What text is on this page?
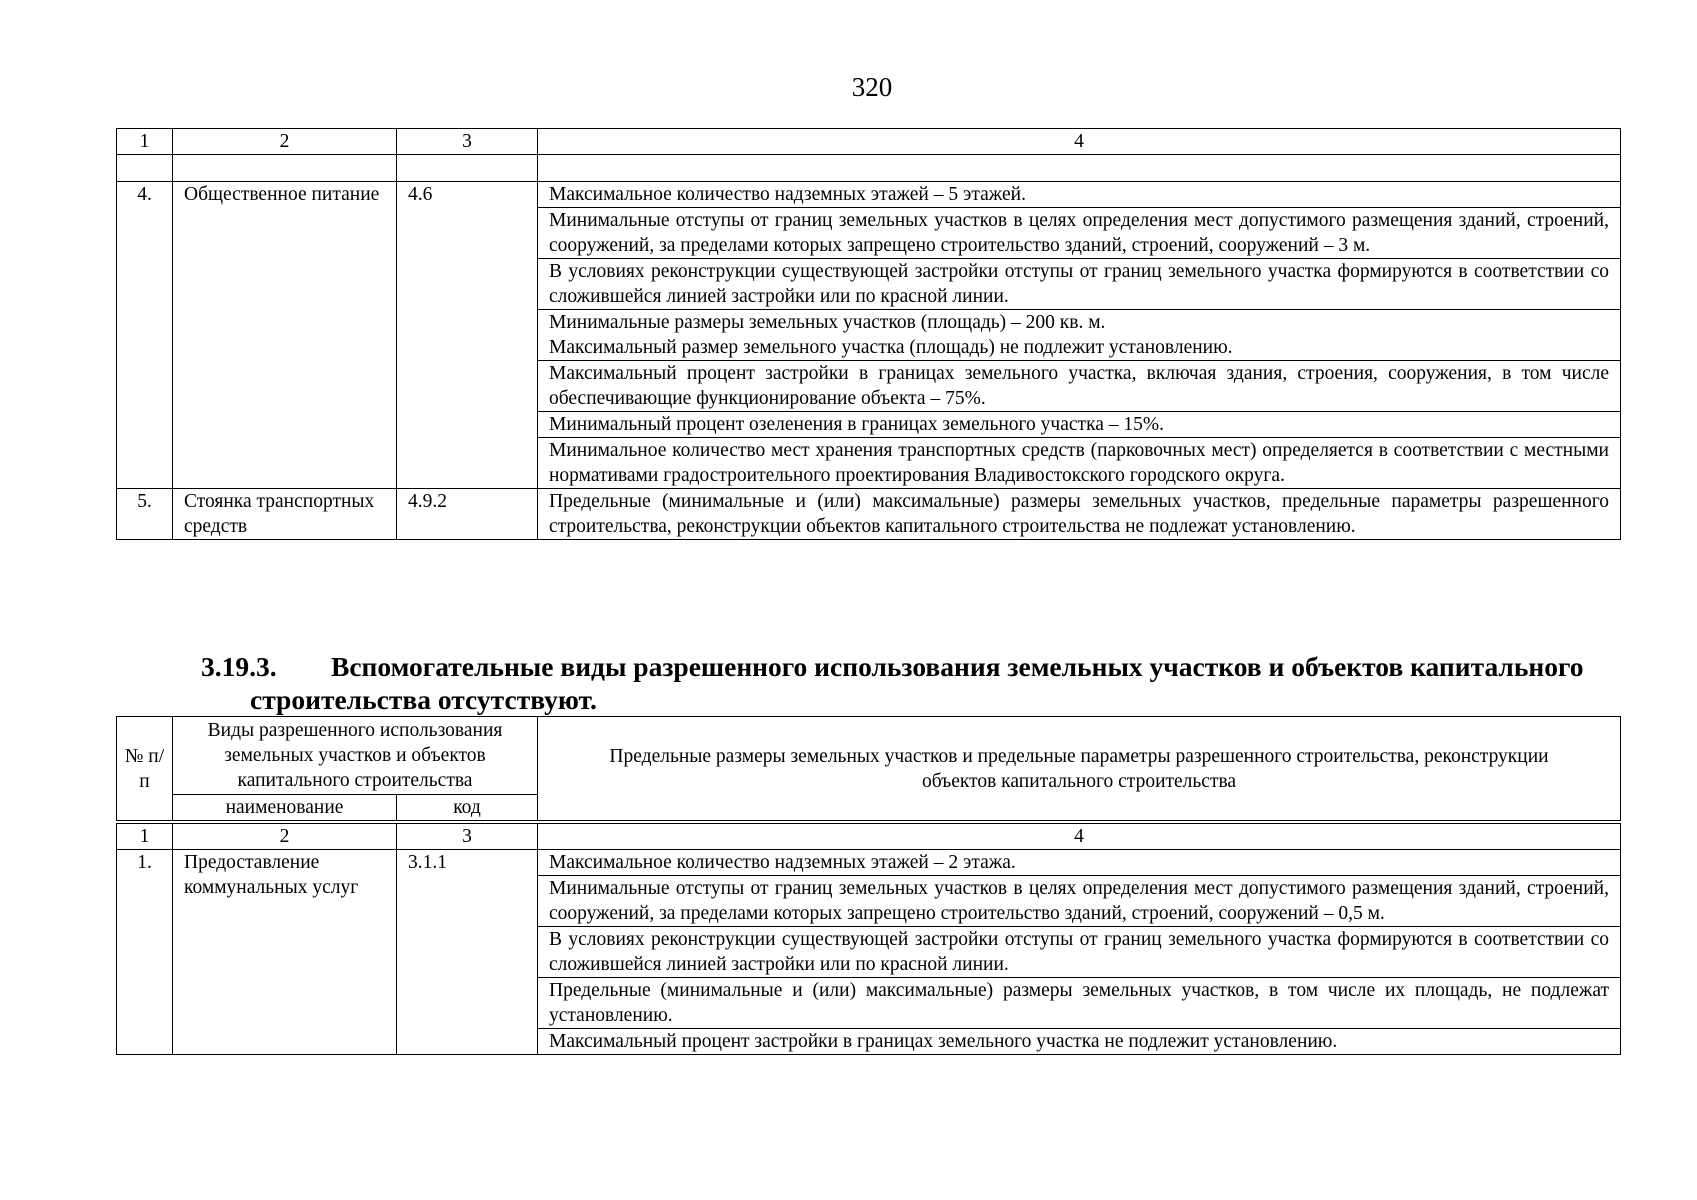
320
1	2	3	4

4.	Общественное питание	4.6	Максимальное количество надземных этажей – 5 этажей.
			Минимальные отступы от границ земельных участков в целях определения мест допустимого размещения зданий, строений, сооружений, за пределами которых запрещено строительство зданий, строений, сооружений – 3 м.
			В условиях реконструкции существующей застройки отступы от границ земельного участка формируются в соответствии со сложившейся линией застройки или по красной линии.

			Минимальные размеры земельных участков (площадь) – 200 кв. м.
Максимальный размер земельного участка (площадь) не подлежит установлению.

			Максимальный процент застройки в границах земельного участка, включая здания, строения, сооружения, в том числе обеспечивающие функционирование объекта – 75%.
			Минимальный процент озеленения в границах земельного участка – 15%.
			Минимальное количество мест хранения транспортных средств (парковочных мест) определяется в соответствии с местными нормативами градостроительного проектирования Владивостокского городского округа.
5.	Стоянка транспортных средств	4.9.2	Предельные (минимальные и (или) максимальные) размеры земельных участков, предельные параметры разрешенного строительства, реконструкции объектов капитального строительства не подлежат установлению.
3.19.3. Вспомогательные виды разрешенного использования земельных участков и объектов капитального строительства отсутствуют.
№ п/п	Виды разрешенного использования земельных участков и объектов капитального строительства		Предельные размеры земельных участков и предельные параметры разрешенного строительства, реконструкции объектов капитального строительства
	наименование	код	
1	2	3	4
1.	Предоставление коммунальных услуг	3.1.1	Максимальное количество надземных этажей – 2 этажа.
			Минимальные отступы от границ земельных участков в целях определения мест допустимого размещения зданий, строений, сооружений, за пределами которых запрещено строительство зданий, строений, сооружений – 0,5 м.
			В условиях реконструкции существующей застройки отступы от границ земельного участка формируются в соответствии со сложившейся линией застройки или по красной линии.
			Предельные (минимальные и (или) максимальные) размеры земельных участков, в том числе их площадь, не подлежат установлению.
			Максимальный процент застройки в границах земельного участка не подлежит установлению.
